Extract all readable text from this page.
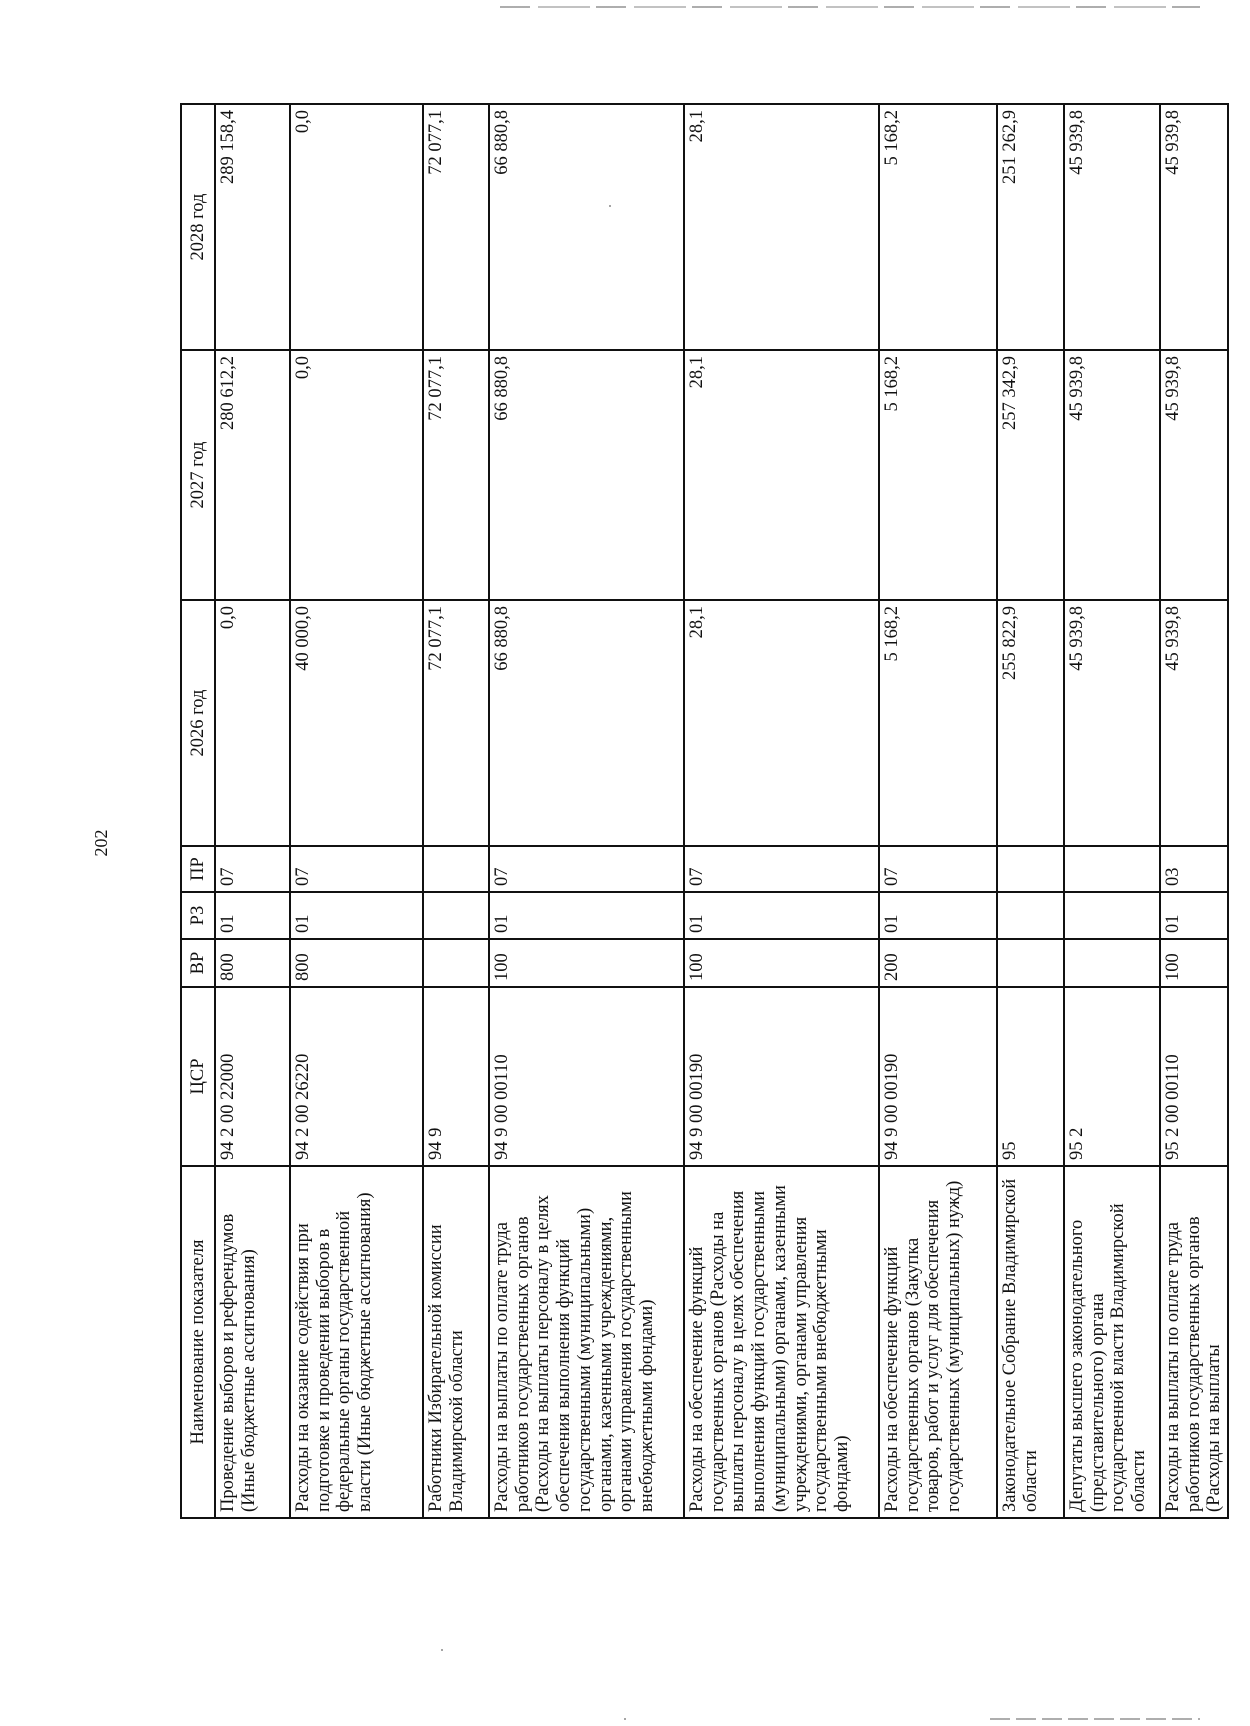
202
Наименование показателя	ЦСР	ВР	РЗ	ПР	2026 год	2027 год	2028 год
Проведение выборов и референдумов (Иные бюджетные ассигнования)	94 2 00 22000	800	01	07	0,0	280 612,2	289 158,4
Расходы на оказание содействия при подготовке и проведении выборов в федеральные органы государственной власти (Иные бюджетные ассигнования)	94 2 00 26220	800	01	07	40 000,0	0,0	0,0
Работники Избирательной комиссии Владимирской области	94 9				72 077,1	72 077,1	72 077,1
Расходы на выплаты по оплате труда работников государственных органов (Расходы на выплаты персоналу в целях обеспечения выполнения функций государственными (муниципальными) органами, казенными учреждениями, органами управления государственными внебюджетными фондами)	94 9 00 00110	100	01	07	66 880,8	66 880,8	66 880,8
Расходы на обеспечение функций государственных органов (Расходы на выплаты персоналу в целях обеспечения выполнения функций государственными (муниципальными) органами, казенными учреждениями, органами управления государственными внебюджетными фондами)	94 9 00 00190	100	01	07	28,1	28,1	28,1
Расходы на обеспечение функций государственных органов (Закупка товаров, работ и услуг для обеспечения государственных (муниципальных) нужд)	94 9 00 00190	200	01	07	5 168,2	5 168,2	5 168,2
Законодательное Собрание Владимирской области	95				255 822,9	257 342,9	251 262,9
Депутаты высшего законодательного (представительного) органа государственной власти Владимирской области	95 2				45 939,8	45 939,8	45 939,8
Расходы на выплаты по оплате труда работников государственных органов (Расходы на выплаты	95 2 00 00110	100	01	03	45 939,8	45 939,8	45 939,8
